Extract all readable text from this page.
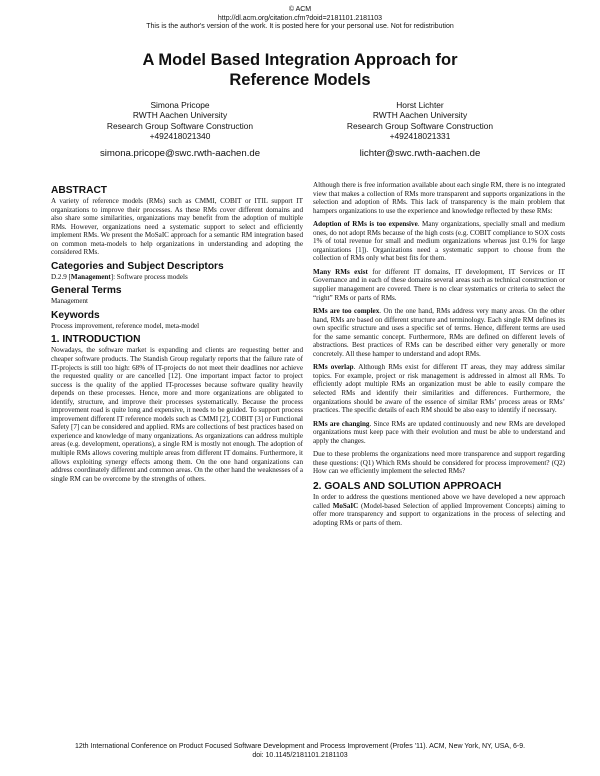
© ACM
http://dl.acm.org/citation.cfm?doid=2181101.2181103
This is the author's version of the work. It is posted here for your personal use. Not for redistribution
A Model Based Integration Approach for
Reference Models
Simona Pricope
RWTH Aachen University
Research Group Software Construction
+492418021340
simona.pricope@swc.rwth-aachen.de
Horst Lichter
RWTH Aachen University
Research Group Software Construction
+492418021331
lichter@swc.rwth-aachen.de
ABSTRACT

A variety of reference models (RMs) such as CMMI, COBIT or ITIL support IT organizations to improve their processes. As these RMs cover different domains and also share some similarities, organizations may benefit from the adoption of multiple RMs. However, organizations need a systematic support to select and efficiently implement RMs. We present the MoSaIC approach for a semantic RM integration based on common meta-models to help organizations in understanding and adopting the considered RMs.

Categories and Subject Descriptors

D.2.9 [Management]: Software process models

General Terms

Management

Keywords

Process improvement, reference model, meta-model

1. INTRODUCTION

Nowadays, the software market is expanding and clients are requesting better and cheaper software products. The Standish Group regularly reports that the failure rate of IT-projects is still too high: 68% of IT-projects do not meet their deadlines nor achieve the requested quality or are cancelled [12]. One important impact factor to project success is the quality of the applied IT-processes because software quality heavily depends on these processes. Hence, more and more organizations are obligated to identify, structure, and improve their processes systematically. Because the process improvement road is quite long and expensive, it needs to be guided. To support process improvement different IT reference models such as CMMI [2], COBIT [3] or Functional Safety [7] can be considered and applied. RMs are collections of best practices based on experience and knowledge of many organizations. As organizations can address multiple areas (e.g. development, operations), a single RM is mostly not enough. The adoption of multiple RMs allows covering multiple areas from different IT domains. Furthermore, it allows exploiting synergy effects among them. On the one hand organizations can address coordinately different and common areas. On the other hand the weaknesses of a single RM can be overcome by the strengths of others.

Although there is free information available about each single RM, there is no integrated view that makes a collection of RMs more transparent and supports organizations in the selection and adoption of RMs. This lack of transparency is the main problem that hampers organizations to use the experience and knowledge reflected by these RMs:

Adoption of RMs is too expensive. Many organizations, specially small and medium ones, do not adopt RMs because of the high costs (e.g. COBIT compliance to SOX costs 1% of total revenue for small and medium organizations whereas just 0.1% for large organizations [1]). Organizations need a systematic support to choose from the collection of RMs only what best fits for them.

Many RMs exist for different IT domains, IT development, IT Services or IT Governance and in each of these domains several areas such as technical construction or supplier management are covered. There is no clear systematics or criteria to select the “right” RMs or parts of RMs.

RMs are too complex. On the one hand, RMs address very many areas. On the other hand, RMs are based on different structure and terminology. Each single RM defines its own specific structure and uses a specific set of terms. Hence, different terms are used for the same semantic concept. Furthermore, RMs are defined on different levels of abstractions. Best practices of RMs can be described either very generally or more concretely. All these hamper to understand and adopt RMs.

RMs overlap. Although RMs exist for different IT areas, they may address similar topics. For example, project or risk management is addressed in almost all RMs. To efficiently adopt multiple RMs an organization must be able to easily compare the selected RMs and identify their similarities and differences. Furthermore, the organizations should be aware of the essence of similar RMs’ process areas or RMs’ practices. The specific details of each RM should be also easy to identify if necessary.

RMs are changing. Since RMs are updated continuously and new RMs are developed organizations must keep pace with their evolution and must be able to understand and apply the changes.

Due to these problems the organizations need more transparence and support regarding these questions: (Q1) Which RMs should be considered for process improvement? (Q2) How can we efficiently implement the selected RMs?

2. GOALS AND SOLUTION APPROACH

In order to address the questions mentioned above we have developed a new approach called MoSaIC (Model-based Selection of applied Improvement Concepts) aiming to offer more transparency and support to organizations in the process of selecting and adopting RMs or parts of them.

12th International Conference on Product Focused Software Development and Process Improvement (Profes '11). ACM, New York, NY, USA, 6-9.
doi: 10.1145/2181101.2181103
